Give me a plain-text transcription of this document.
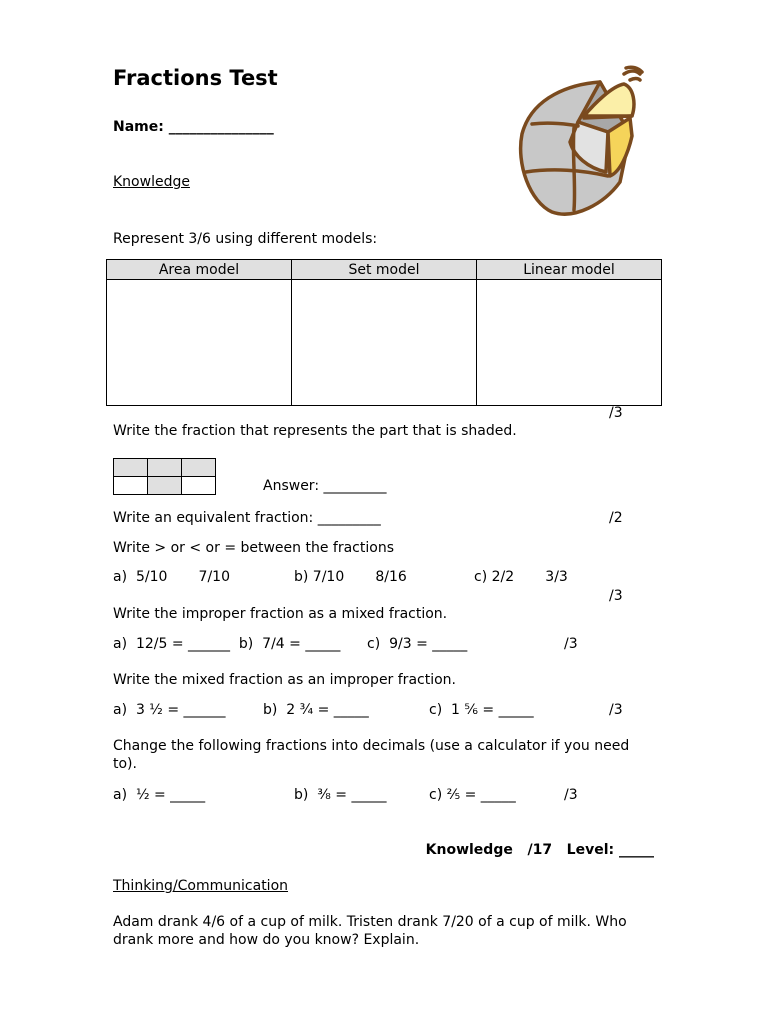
Fractions Test
Name: _______________
Knowledge
Represent 3/6 using different models:
Area model	Set model	Linear model

/3
Write the fraction that represents the part that is shaded.

Answer: _________
Write an equivalent fraction: _________	/2
Write > or < or = between the fractions
a)  5/10       7/10	b) 7/10       8/16	c) 2/2       3/3
/3
Write the improper fraction as a mixed fraction.
a)  12/5 = ______  b)  7/4 = _____      c)  9/3 = _____	/3
Write the mixed fraction as an improper fraction.
a)  3 ½ = ______	b)  2 ¾ = _____	c)  1 ⅚ = _____	/3
Change the following fractions into decimals (use a calculator if you need to).
a)  ½ = _____	b)  ⅜ = _____	c) ⅖ = _____	/3
Knowledge   /17   Level: _____
Thinking/Communication
Adam drank 4/6 of a cup of milk. Tristen drank 7/20 of a cup of milk. Who drank more and how do you know? Explain.
